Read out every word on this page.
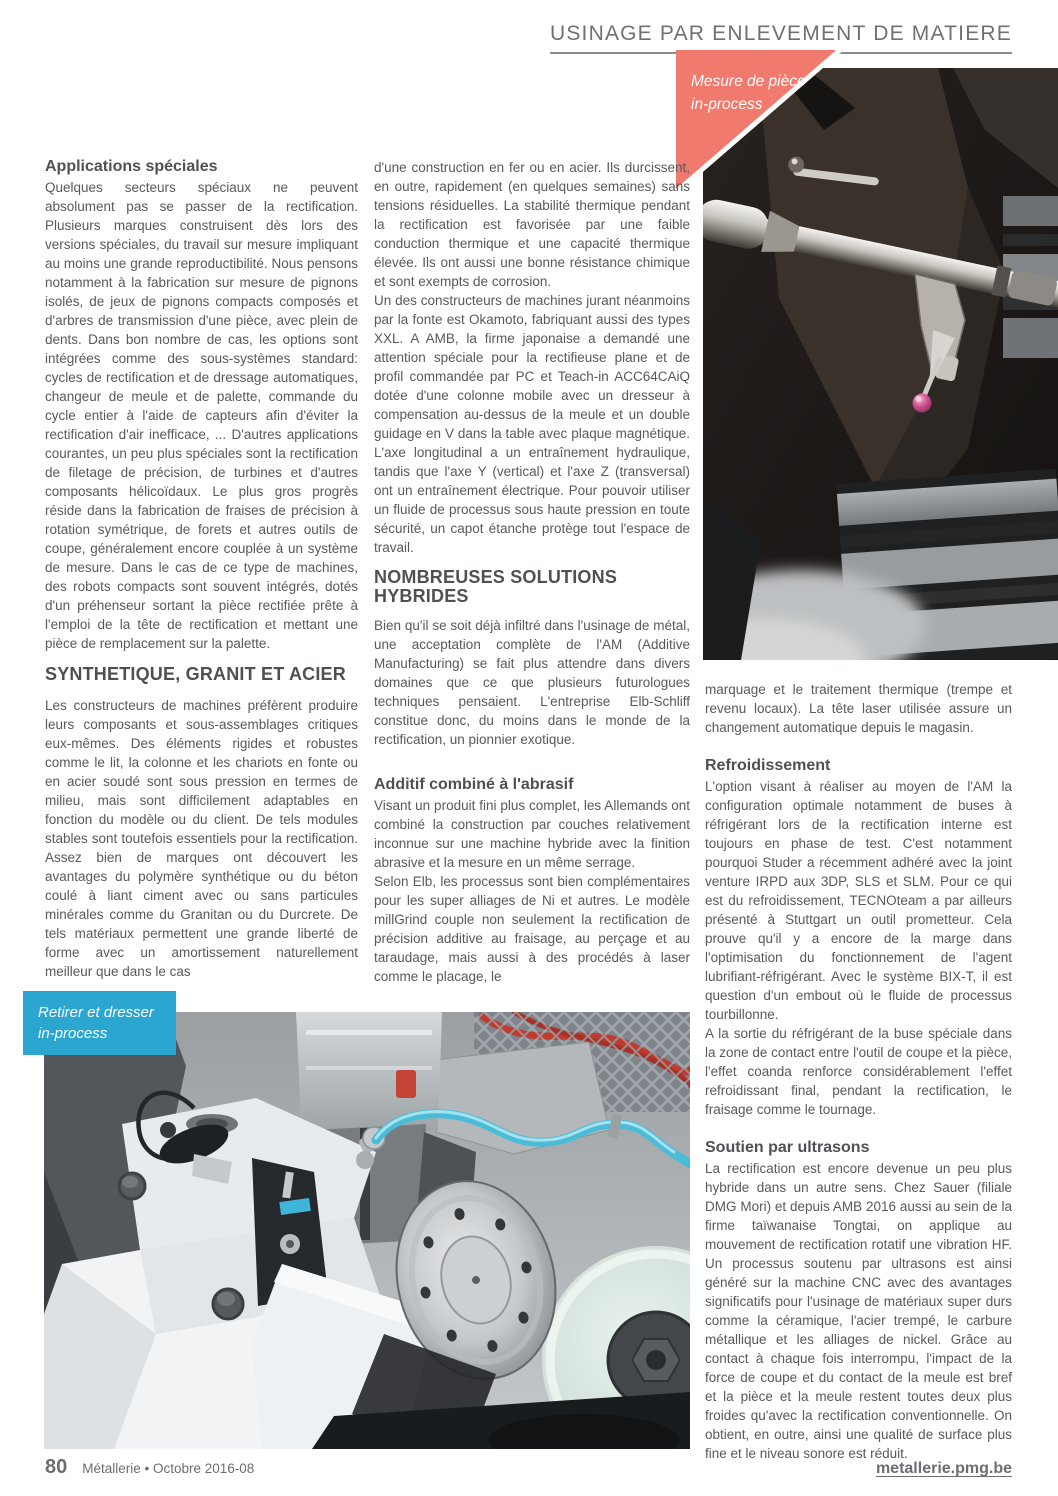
USINAGE PAR ENLEVEMENT DE MATIERE
Mesure de pièce
in-process
Applications spéciales

Quelques secteurs spéciaux ne peuvent absolument pas se passer de la rectification. Plusieurs marques construisent dès lors des versions spéciales, du travail sur mesure impliquant au moins une grande reproductibilité. Nous pensons notamment à la fabrication sur mesure de pignons isolés, de jeux de pignons compacts composés et d'arbres de transmission d'une pièce, avec plein de dents. Dans bon nombre de cas, les options sont intégrées comme des sous-systèmes standard: cycles de rectification et de dressage automatiques, changeur de meule et de palette, commande du cycle entier à l'aide de capteurs afin d'éviter la rectification d'air inefficace, ... D'autres applications courantes, un peu plus spéciales sont la rectification de filetage de précision, de turbines et d'autres composants hélicoïdaux. Le plus gros progrès réside dans la fabrication de fraises de précision à rotation symétrique, de forets et autres outils de coupe, généralement encore couplée à un système de mesure. Dans le cas de ce type de machines, des robots compacts sont souvent intégrés, dotés d'un préhenseur sortant la pièce rectifiée prête à l'emploi de la tête de rectification et mettant une pièce de remplacement sur la palette.

SYNTHETIQUE, GRANIT ET ACIER

Les constructeurs de machines préfèrent produire leurs composants et sous-assemblages critiques eux-mêmes. Des éléments rigides et robustes comme le lit, la colonne et les chariots en fonte ou en acier soudé sont sous pression en termes de milieu, mais sont difficilement adaptables en fonction du modèle ou du client. De tels modules stables sont toutefois essentiels pour la rectification. Assez bien de marques ont découvert les avantages du polymère synthétique ou du béton coulé à liant ciment avec ou sans particules minérales comme du Granitan ou du Durcrete. De tels matériaux permettent une grande liberté de forme avec un amortissement naturellement meilleur que dans le cas

d'une construction en fer ou en acier. Ils durcissent, en outre, rapidement (en quelques semaines) sans tensions résiduelles. La stabilité thermique pendant la rectification est favorisée par une faible conduction thermique et une capacité thermique élevée. Ils ont aussi une bonne résistance chimique et sont exempts de corrosion.

Un des constructeurs de machines jurant néanmoins par la fonte est Okamoto, fabriquant aussi des types XXL. A AMB, la firme japonaise a demandé une attention spéciale pour la rectifieuse plane et de profil commandée par PC et Teach-in ACC64CAiQ dotée d'une colonne mobile avec un dresseur à compensation au-dessus de la meule et un double guidage en V dans la table avec plaque magnétique. L'axe longitudinal a un entraînement hydraulique, tandis que l'axe Y (vertical) et l'axe Z (transversal) ont un entraînement électrique. Pour pouvoir utiliser un fluide de processus sous haute pression en toute sécurité, un capot étanche protège tout l'espace de travail.

NOMBREUSES SOLUTIONS HYBRIDES

Bien qu'il se soit déjà infiltré dans l'usinage de métal, une acceptation complète de l'AM (Additive Manufacturing) se fait plus attendre dans divers domaines que ce que plusieurs futurologues techniques pensaient. L'entreprise Elb-Schliff constitue donc, du moins dans le monde de la rectification, un pionnier exotique.

Additif combiné à l'abrasif

Visant un produit fini plus complet, les Allemands ont combiné la construction par couches relativement inconnue sur une machine hybride avec la finition abrasive et la mesure en un même serrage.

Selon Elb, les processus sont bien complémentaires pour les super alliages de Ni et autres. Le modèle millGrind couple non seulement la rectification de précision additive au fraisage, au perçage et au taraudage, mais aussi à des procédés à laser comme le placage, le

marquage et le traitement thermique (trempe et revenu locaux). La tête laser utilisée assure un changement automatique depuis le magasin.

Refroidissement

L'option visant à réaliser au moyen de l'AM la configuration optimale notamment de buses à réfrigérant lors de la rectification interne est toujours en phase de test. C'est notamment pourquoi Studer a récemment adhéré avec la joint venture IRPD aux 3DP, SLS et SLM. Pour ce qui est du refroidissement, TECNOteam a par ailleurs présenté à Stuttgart un outil prometteur. Cela prouve qu'il y a encore de la marge dans l'optimisation du fonctionnement de l'agent lubrifiant-réfrigérant. Avec le système BIX-T, il est question d'un embout où le fluide de processus tourbillonne.

A la sortie du réfrigérant de la buse spéciale dans la zone de contact entre l'outil de coupe et la pièce, l'effet coanda renforce considérablement l'effet refroidissant final, pendant la rectification, le fraisage comme le tournage.

Soutien par ultrasons

La rectification est encore devenue un peu plus hybride dans un autre sens. Chez Sauer (filiale DMG Mori) et depuis AMB 2016 aussi au sein de la firme taïwanaise Tongtai, on applique au mouvement de rectification rotatif une vibration HF. Un processus soutenu par ultrasons est ainsi généré sur la machine CNC avec des avantages significatifs pour l'usinage de matériaux super durs comme la céramique, l'acier trempé, le carbure métallique et les alliages de nickel. Grâce au contact à chaque fois interrompu, l'impact de la force de coupe et du contact de la meule est bref et la pièce et la meule restent toutes deux plus froides qu'avec la rectification conventionnelle. On obtient, en outre, ainsi une qualité de surface plus fine et le niveau sonore est réduit.

Retirer et dresser
in-process
80 Métallerie • Octobre 2016-08	metallerie.pmg.be
